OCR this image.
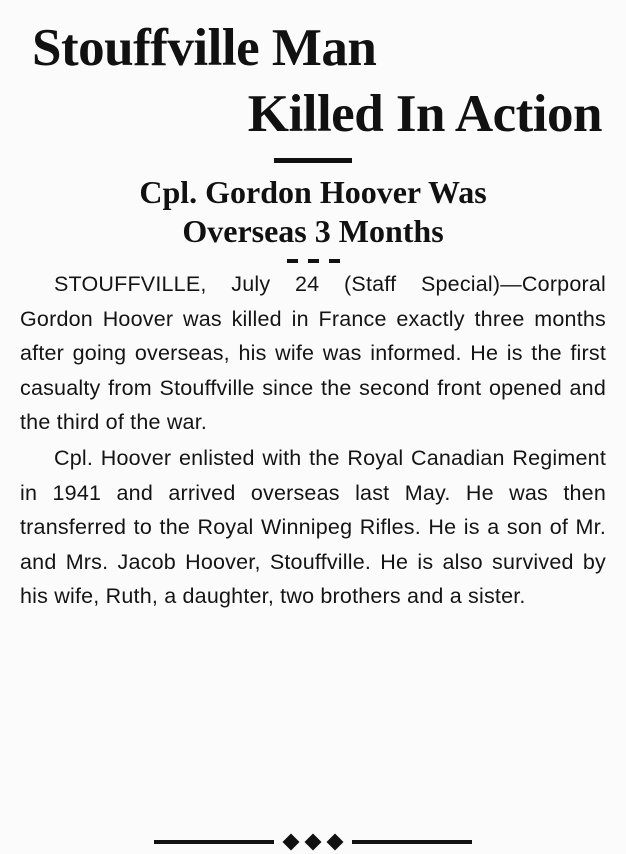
Stouffville Man
Killed In Action
Cpl. Gordon Hoover Was
Overseas 3 Months

STOUFFVILLE, July 24 (Staff Special)—Corporal Gordon Hoover was killed in France exactly three months after going overseas, his wife was informed. He is the first casualty from Stouffville since the second front opened and the third of the war.

Cpl. Hoover enlisted with the Royal Canadian Regiment in 1941 and arrived overseas last May. He was then transferred to the Royal Winnipeg Rifles. He is a son of Mr. and Mrs. Jacob Hoover, Stouffville. He is also survived by his wife, Ruth, a daughter, two brothers and a sister.
